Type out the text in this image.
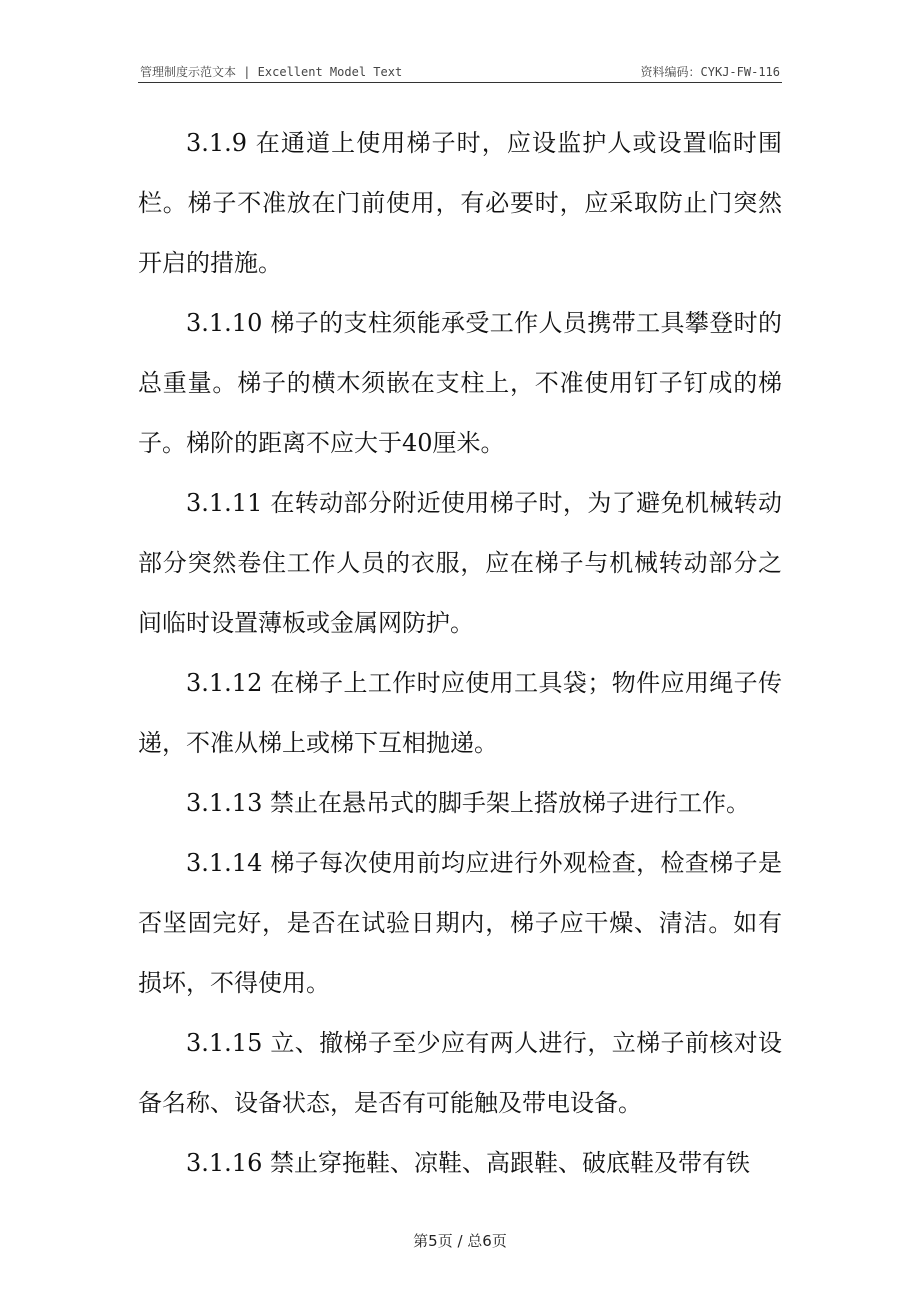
管理制度示范文本 | Excellent Model Text	资料编码：CYKJ-FW-116

3.1.9 在通道上使用梯子时，应设监护人或设置临时围栏。梯子不准放在门前使用，有必要时，应采取防止门突然开启的措施。

3.1.10 梯子的支柱须能承受工作人员携带工具攀登时的总重量。梯子的横木须嵌在支柱上，不准使用钉子钉成的梯子。梯阶的距离不应大于40厘米。

3.1.11 在转动部分附近使用梯子时，为了避免机械转动部分突然卷住工作人员的衣服，应在梯子与机械转动部分之间临时设置薄板或金属网防护。

3.1.12 在梯子上工作时应使用工具袋；物件应用绳子传递，不准从梯上或梯下互相抛递。

3.1.13 禁止在悬吊式的脚手架上搭放梯子进行工作。

3.1.14 梯子每次使用前均应进行外观检查，检查梯子是否坚固完好，是否在试验日期内，梯子应干燥、清洁。如有损坏，不得使用。

3.1.15 立、撤梯子至少应有两人进行，立梯子前核对设备名称、设备状态，是否有可能触及带电设备。

3.1.16 禁止穿拖鞋、凉鞋、高跟鞋、破底鞋及带有铁

第5页 / 总6页
